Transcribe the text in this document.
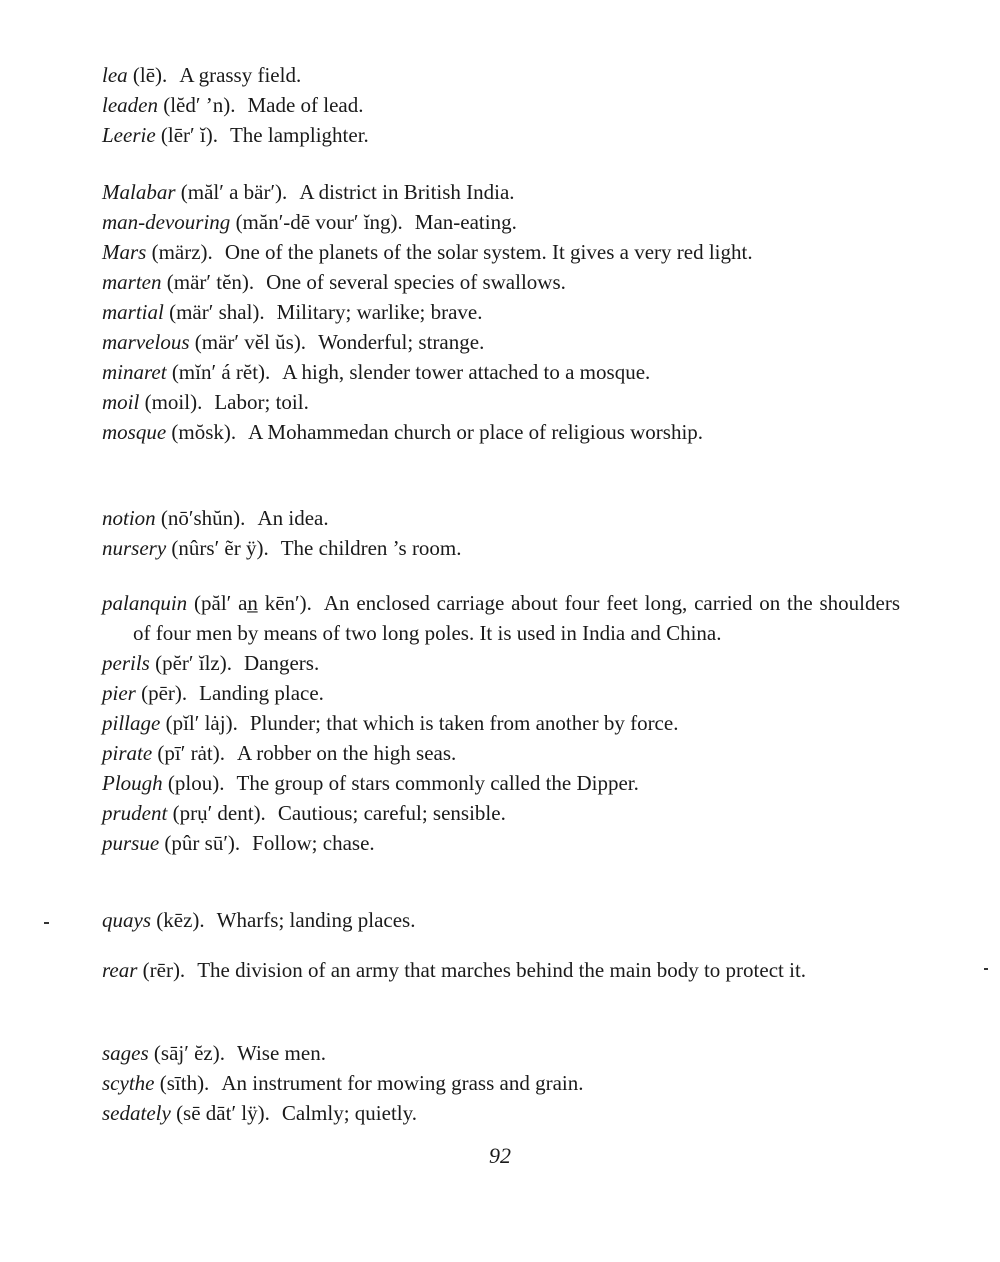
lea (lē). A grassy field.
leaden (lĕd′ ’n). Made of lead.
Leerie (lēr′ ĭ). The lamplighter.
Malabar (măl′ a bär′). A district in British India.
man-devouring (măn′-dē vour′ ĭng). Man-eating.
Mars (märz). One of the planets of the solar system. It gives a very red light.
marten (mär′ tĕn). One of several species of swallows.
martial (mär′ shal). Military; warlike; brave.
marvelous (mär′ vĕl ŭs). Wonderful; strange.
minaret (mĭn′ á rĕt). A high, slender tower attached to a mosque.
moil (moil). Labor; toil.
mosque (mŏsk). A Mohammedan church or place of religious worship.
notion (nō′shŭn). An idea.
nursery (nûrs′ ẽr ÿ). The children ’s room.
palanquin (păl′ an̲ kēn′). An enclosed carriage about four feet long, carried on the shoulders of four men by means of two long poles. It is used in India and China.
perils (pĕr′ ĭlz). Dangers.
pier (pēr). Landing place.
pillage (pĭl′ lȧj). Plunder; that which is taken from another by force.
pirate (pī′ rȧt). A robber on the high seas.
Plough (plou). The group of stars commonly called the Dipper.
prudent (prụ′ dent). Cautious; careful; sensible.
pursue (pûr sū′). Follow; chase.
quays (kēz). Wharfs; landing places.
rear (rēr). The division of an army that marches behind the main body to protect it.
sages (sāj′ ĕz). Wise men.
scythe (sīth). An instrument for mowing grass and grain.
sedately (sē dāt′ lÿ). Calmly; quietly.
92
